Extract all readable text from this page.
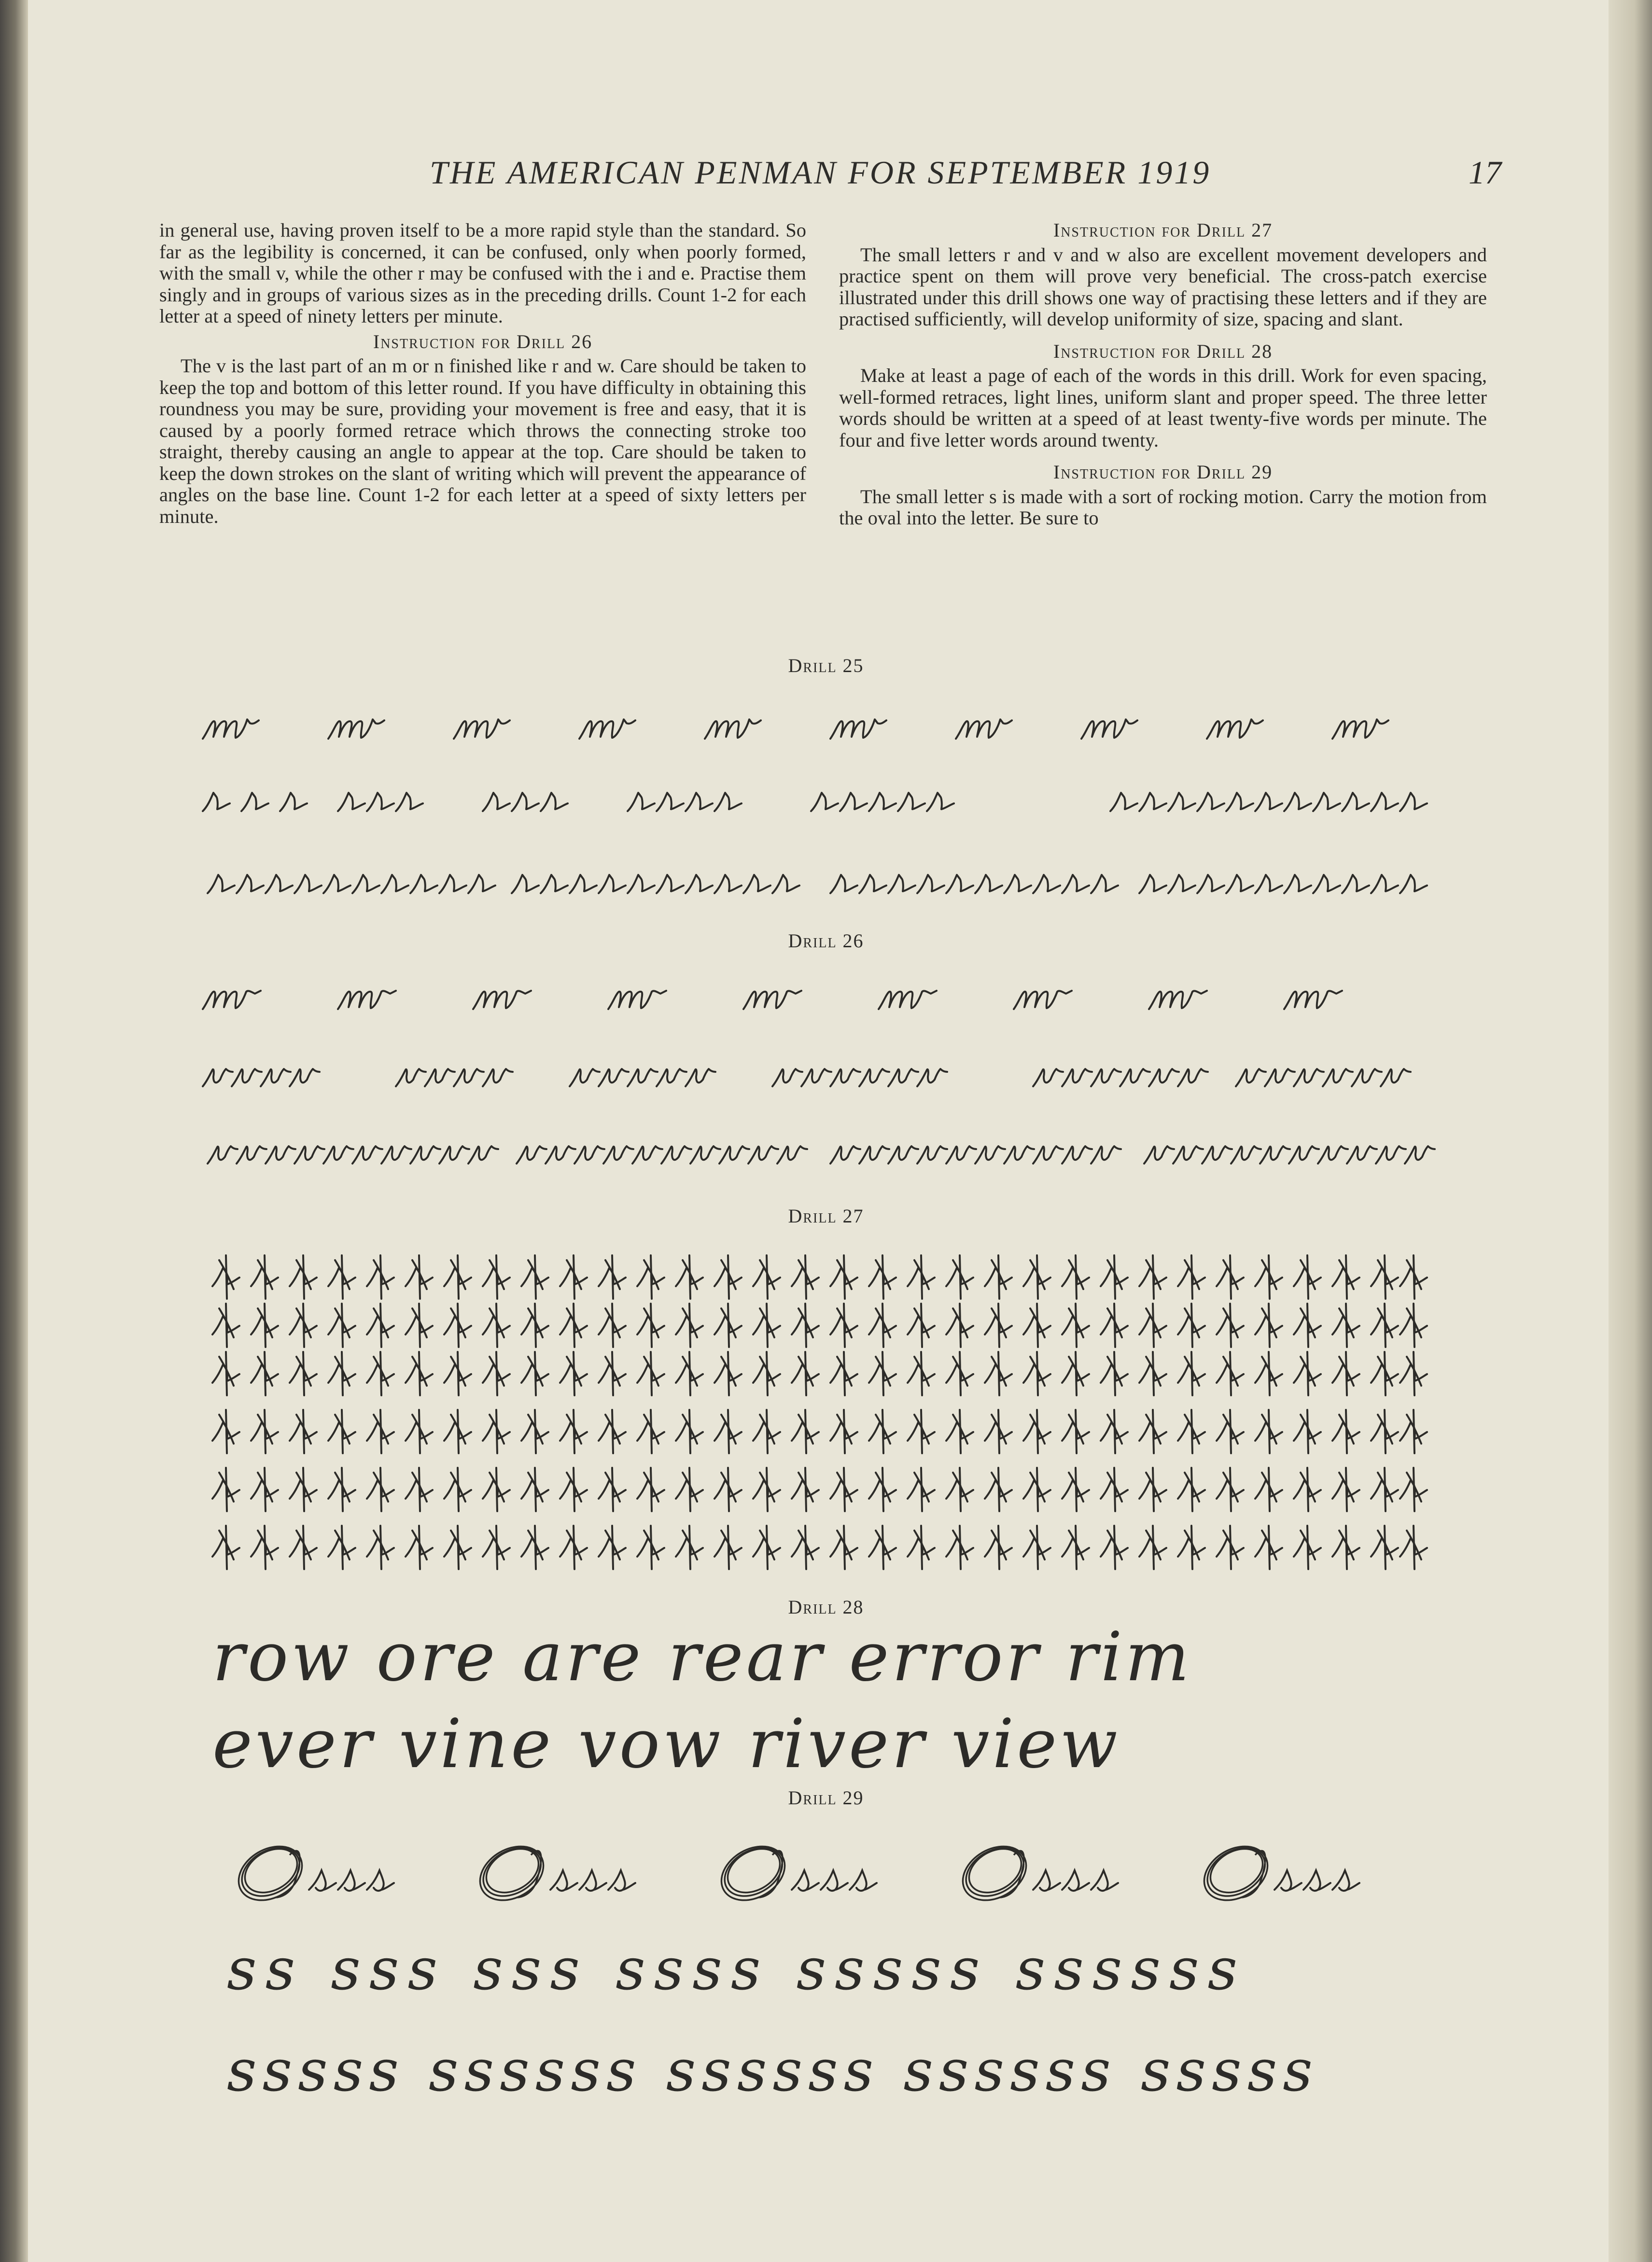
THE AMERICAN PENMAN FOR SEPTEMBER 1919	17

in general use, having proven itself to be a more rapid style than the standard. So far as the legibility is concerned, it can be confused, only when poorly formed, with the small v, while the other r may be confused with the i and e. Practise them singly and in groups of various sizes as in the preceding drills. Count 1-2 for each letter at a speed of ninety letters per minute.

Instruction for Drill 26

The v is the last part of an m or n finished like r and w. Care should be taken to keep the top and bottom of this letter round. If you have difficulty in obtaining this roundness you may be sure, providing your movement is free and easy, that it is caused by a poorly formed retrace which throws the connecting stroke too straight, thereby causing an angle to appear at the top. Care should be taken to keep the down strokes on the slant of writing which will prevent the appearance of angles on the base line. Count 1-2 for each letter at a speed of sixty letters per minute.

Instruction for Drill 27

The small letters r and v and w also are excellent movement developers and practice spent on them will prove very beneficial. The cross-patch exercise illustrated under this drill shows one way of practising these letters and if they are practised sufficiently, will develop uniformity of size, spacing and slant.

Instruction for Drill 28

Make at least a page of each of the words in this drill. Work for even spacing, well-formed retraces, light lines, uniform slant and proper speed. The three letter words should be written at a speed of at least twenty-five words per minute. The four and five letter words around twenty.

Instruction for Drill 29

The small letter s is made with a sort of rocking motion. Carry the motion from the oval into the letter. Be sure to

Drill 25
Drill 26
Drill 27
Drill 28
Drill 29
row ore are rear error rim
ever vine vow river view
Osss Osss Osss Osss Osss
ss sss sss ssss sssss ssssss
sssss ssssss ssssss ssssss sssss
